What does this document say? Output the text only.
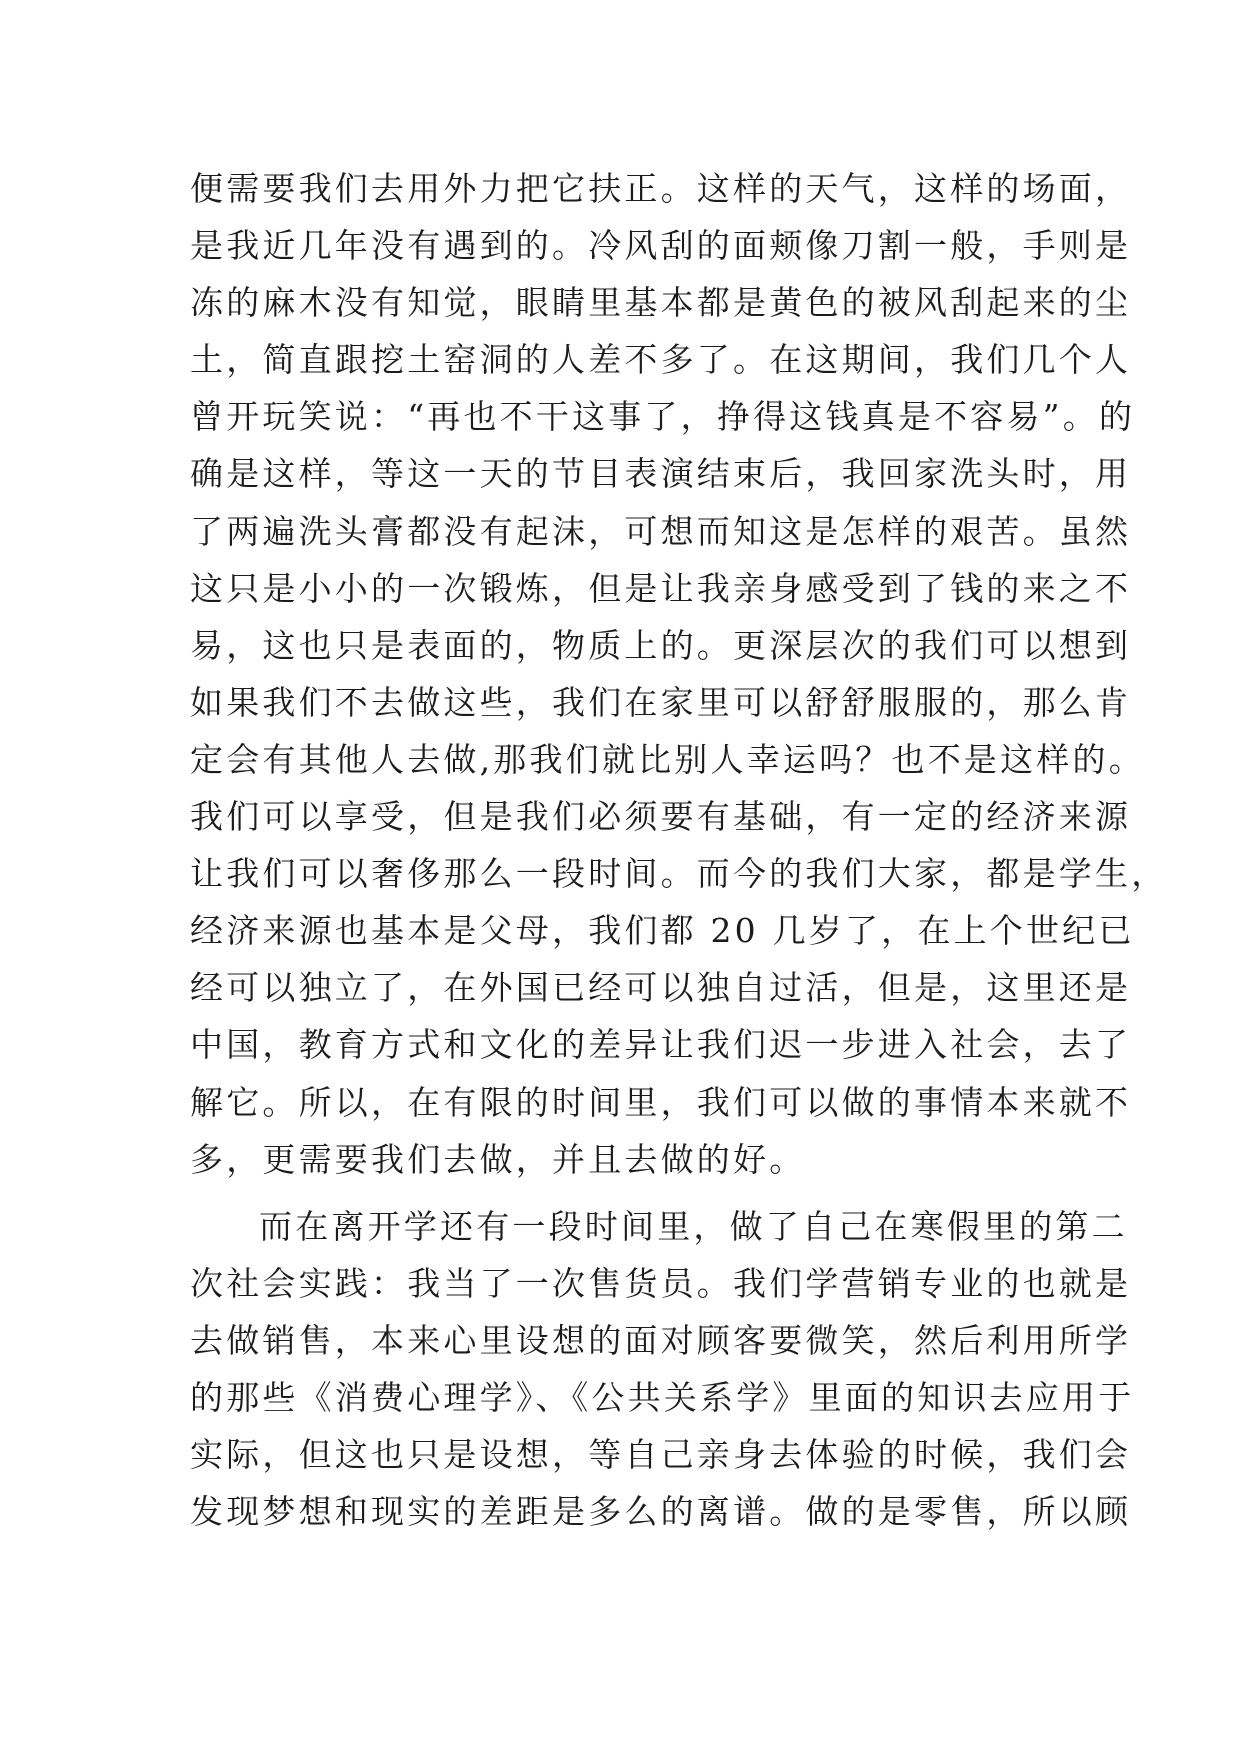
便需要我们去用外力把它扶正。这样的天气，这样的场面，
是我近几年没有遇到的。冷风刮的面颊像刀割一般，手则是
冻的麻木没有知觉，眼睛里基本都是黄色的被风刮起来的尘
土，简直跟挖土窑洞的人差不多了。在这期间，我们几个人
曾开玩笑说：“再也不干这事了，挣得这钱真是不容易”。的
确是这样，等这一天的节目表演结束后，我回家洗头时，用
了两遍洗头膏都没有起沫，可想而知这是怎样的艰苦。虽然
这只是小小的一次锻炼，但是让我亲身感受到了钱的来之不
易，这也只是表面的，物质上的。更深层次的我们可以想到
如果我们不去做这些，我们在家里可以舒舒服服的，那么肯
定会有其他人去做,那我们就比别人幸运吗？也不是这样的。
我们可以享受，但是我们必须要有基础，有一定的经济来源
让我们可以奢侈那么一段时间。而今的我们大家，都是学生，
经济来源也基本是父母，我们都 20 几岁了，在上个世纪已
经可以独立了，在外国已经可以独自过活，但是，这里还是
中国，教育方式和文化的差异让我们迟一步进入社会，去了
解它。所以，在有限的时间里，我们可以做的事情本来就不
多，更需要我们去做，并且去做的好。
而在离开学还有一段时间里，做了自己在寒假里的第二
次社会实践：我当了一次售货员。我们学营销专业的也就是
去做销售，本来心里设想的面对顾客要微笑，然后利用所学
的那些《消费心理学》、《公共关系学》里面的知识去应用于
实际，但这也只是设想，等自己亲身去体验的时候，我们会
发现梦想和现实的差距是多么的离谱。做的是零售，所以顾
